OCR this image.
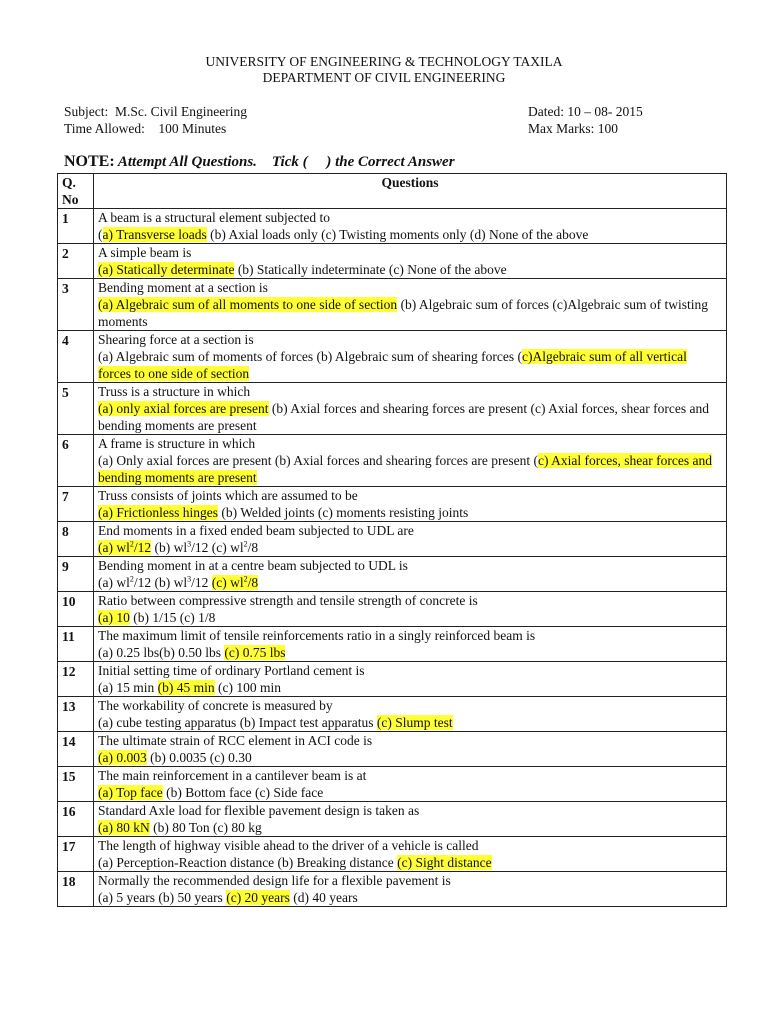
UNIVERSITY OF ENGINEERING & TECHNOLOGY TAXILA
DEPARTMENT OF CIVIL ENGINEERING
Subject:  M.Sc. Civil Engineering
Time Allowed:    100 Minutes
Dated: 10 – 08- 2015
Max Marks: 100
NOTE: Attempt All Questions.    Tick (     ) the Correct Answer
Q.
No	Questions
1	A beam is a structural element subjected to
(a) Transverse loads (b) Axial loads only (c) Twisting moments only (d) None of the above

2	A simple beam is
(a) Statically determinate (b) Statically indeterminate (c) None of the above

3	Bending moment at a section is
(a) Algebraic sum of all moments to one side of section (b) Algebraic sum of forces (c)Algebraic sum of twisting moments

4	Shearing force at a section is
(a) Algebraic sum of moments of forces (b) Algebraic sum of shearing forces (c)Algebraic sum of all vertical forces to one side of section

5	Truss is a structure in which
(a) only axial forces are present (b) Axial forces and shearing forces are present (c) Axial forces, shear forces and bending moments are present

6	A frame is structure in which
(a) Only axial forces are present (b) Axial forces and shearing forces are present (c) Axial forces, shear forces and bending moments are present

7	Truss consists of joints which are assumed to be
(a) Frictionless hinges (b) Welded joints (c) moments resisting joints

8	End moments in a fixed ended beam subjected to UDL are
(a) $wl^2/12$ (b) $wl^3/12$ (c) $wl^2/8$

9	Bending moment in at a centre beam subjected to UDL is
(a) $wl^2/12$ (b) $wl^3/12$ (c) $wl^2/8$

10	Ratio between compressive strength and tensile strength of concrete is
(a) 10 (b) 1/15 (c) 1/8

11	The maximum limit of tensile reinforcements ratio in a singly reinforced beam is
(a) 0.25 lbs(b) 0.50 lbs (c) 0.75 lbs

12	Initial setting time of ordinary Portland cement is
(a) 15 min (b) 45 min (c) 100 min

13	The workability of concrete is measured by
(a) cube testing apparatus (b) Impact test apparatus (c) Slump test

14	The ultimate strain of RCC element in ACI code is
(a) 0.003 (b) 0.0035 (c) 0.30

15	The main reinforcement in a cantilever beam is at
(a) Top face (b) Bottom face (c) Side face

16	Standard Axle load for flexible pavement design is taken as
(a) 80 kN (b) 80 Ton (c) 80 kg

17	The length of highway visible ahead to the driver of a vehicle is called
(a) Perception-Reaction distance (b) Breaking distance (c) Sight distance

18	Normally the recommended design life for a flexible pavement is
(a) 5 years (b) 50 years (c) 20 years (d) 40 years
